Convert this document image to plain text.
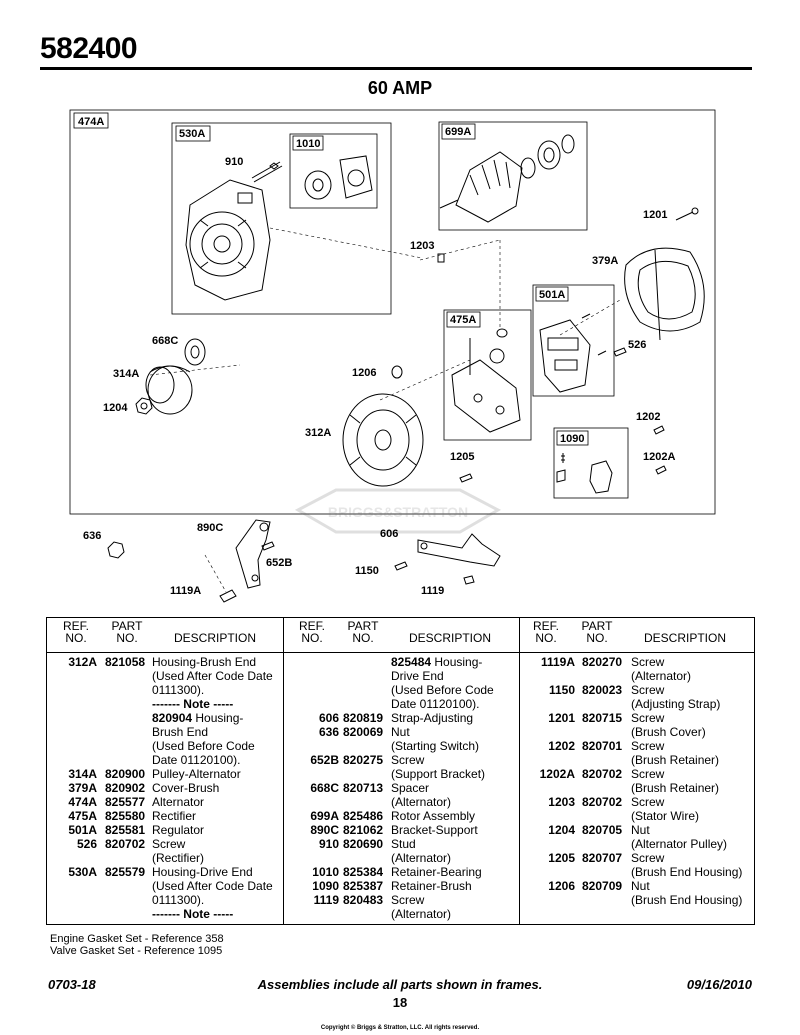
582400
60 AMP
BRIGGS&STRATTON
474A
530A
1010
699A
910
1201
1203
379A
501A
475A
668C	526
314A	1206
1204
1202
312A	1090
1205	1202A
636
890C	606
652B
1150
1119A	1119
REF.
NO.
PART
NO.	DESCRIPTION
REF.
NO.
PART
NO.	DESCRIPTION
REF.
NO.
PART
NO.	DESCRIPTION
312A 821058 Housing-Brush End
(Used After Code Date
0111300).
------- Note -----
820904 Housing-
Brush End
(Used Before Code
Date 01120100).
314A 820900 Pulley-Alternator
379A 820902 Cover-Brush
474A 825577 Alternator
475A 825580 Rectifier
501A 825581 Regulator
526 820702 Screw
(Rectifier)
530A 825579 Housing-Drive End
(Used After Code Date
0111300).
------- Note -----
825484 Housing-
Drive End
(Used Before Code
Date 01120100).
606 820819 Strap-Adjusting
636 820069 Nut
(Starting Switch)
652B 820275 Screw
(Support Bracket)
668C 820713 Spacer
(Alternator)
699A 825486 Rotor Assembly
890C 821062 Bracket-Support
910 820690 Stud
(Alternator)
1010 825384 Retainer-Bearing
1090 825387 Retainer-Brush
1119 820483 Screw
(Alternator)
1119A 820270 Screw
(Alternator)
1150 820023 Screw
(Adjusting Strap)
1201 820715 Screw
(Brush Cover)
1202 820701 Screw
(Brush Retainer)
1202A 820702 Screw
(Brush Retainer)
1203 820702 Screw
(Stator Wire)
1204 820705 Nut
(Alternator Pulley)
1205 820707 Screw
(Brush End Housing)
1206 820709 Nut
(Brush End Housing)
Engine Gasket Set - Reference 358
Valve Gasket Set - Reference 1095
0703-18	Assemblies include all parts shown in frames.	09/16/2010
18
Copyright © Briggs & Stratton, LLC. All rights reserved.
